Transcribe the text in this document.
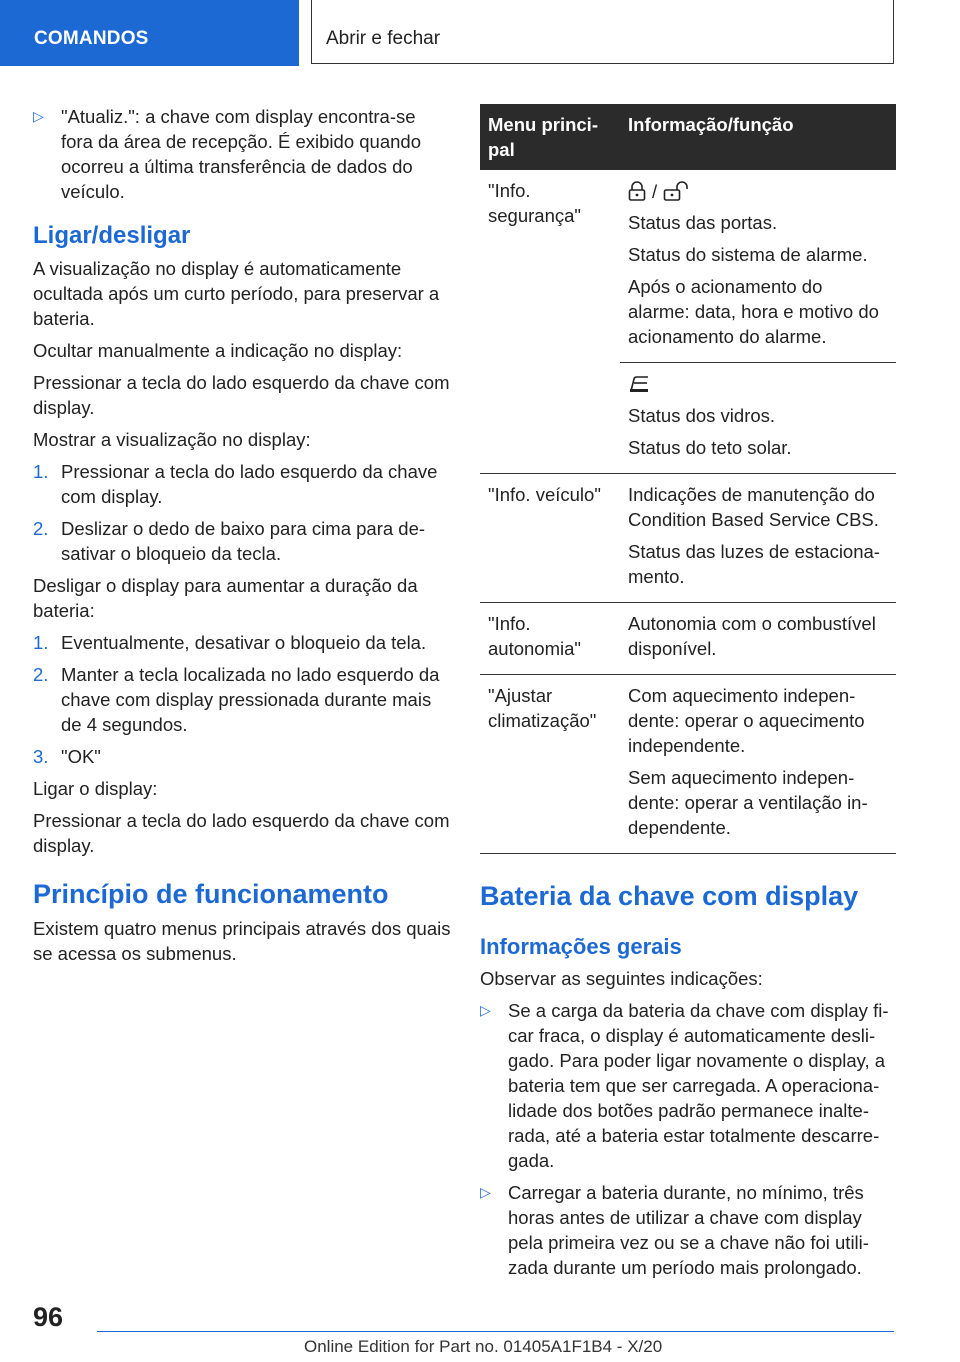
COMANDOS	Abrir e fechar
▷ "Atualiz.": a chave com display encontra-se fora da área de recepção. É exibido quando ocorreu a última transferência de dados do veículo.
Ligar/desligar

A visualização no display é automaticamente ocultada após um curto período, para preservar a bateria.

Ocultar manualmente a indicação no display:

Pressionar a tecla do lado esquerdo da chave com display.

Mostrar a visualização no display:

1. Pressionar a tecla do lado esquerdo da chave com display.
2. Deslizar o dedo de baixo para cima para desativar o bloqueio da tecla.

Desligar o display para aumentar a duração da bateria:

1. Eventualmente, desativar o bloqueio da tela.
2. Manter a tecla localizada no lado esquerdo da chave com display pressionada durante mais de 4 segundos.
3. "OK"

Ligar o display:

Pressionar a tecla do lado esquerdo da chave com display.

Princípio de funcionamento

Existem quatro menus principais através dos quais se acessa os submenus.

Menu principal	Informação/função
"Info. segurança"	/

Status das portas.

Status do sistema de alarme.

Após o acionamento do alarme: data, hora e motivo do acionamento do alarme.

	Status dos vidros.

Status do teto solar.

"Info. veículo"	Indicações de manutenção do Condition Based Service CBS.

Status das luzes de estacionamento.

"Info. autonomia"	Autonomia com o combustível disponível.

"Ajustar climatização"	Com aquecimento independente: operar o aquecimento independente.

Sem aquecimento independente: operar a ventilação independente.

Bateria da chave com display
Informações gerais

Observar as seguintes indicações:

▷ Se a carga da bateria da chave com display ficar fraca, o display é automaticamente desligado. Para poder ligar novamente o display, a bateria tem que ser carregada. A operacionalidade dos botões padrão permanece inalterada, até a bateria estar totalmente descarregada.
▷ Carregar a bateria durante, no mínimo, três horas antes de utilizar a chave com display pela primeira vez ou se a chave não foi utilizada durante um período mais prolongado.
96
Online Edition for Part no. 01405A1F1B4 - X/20
